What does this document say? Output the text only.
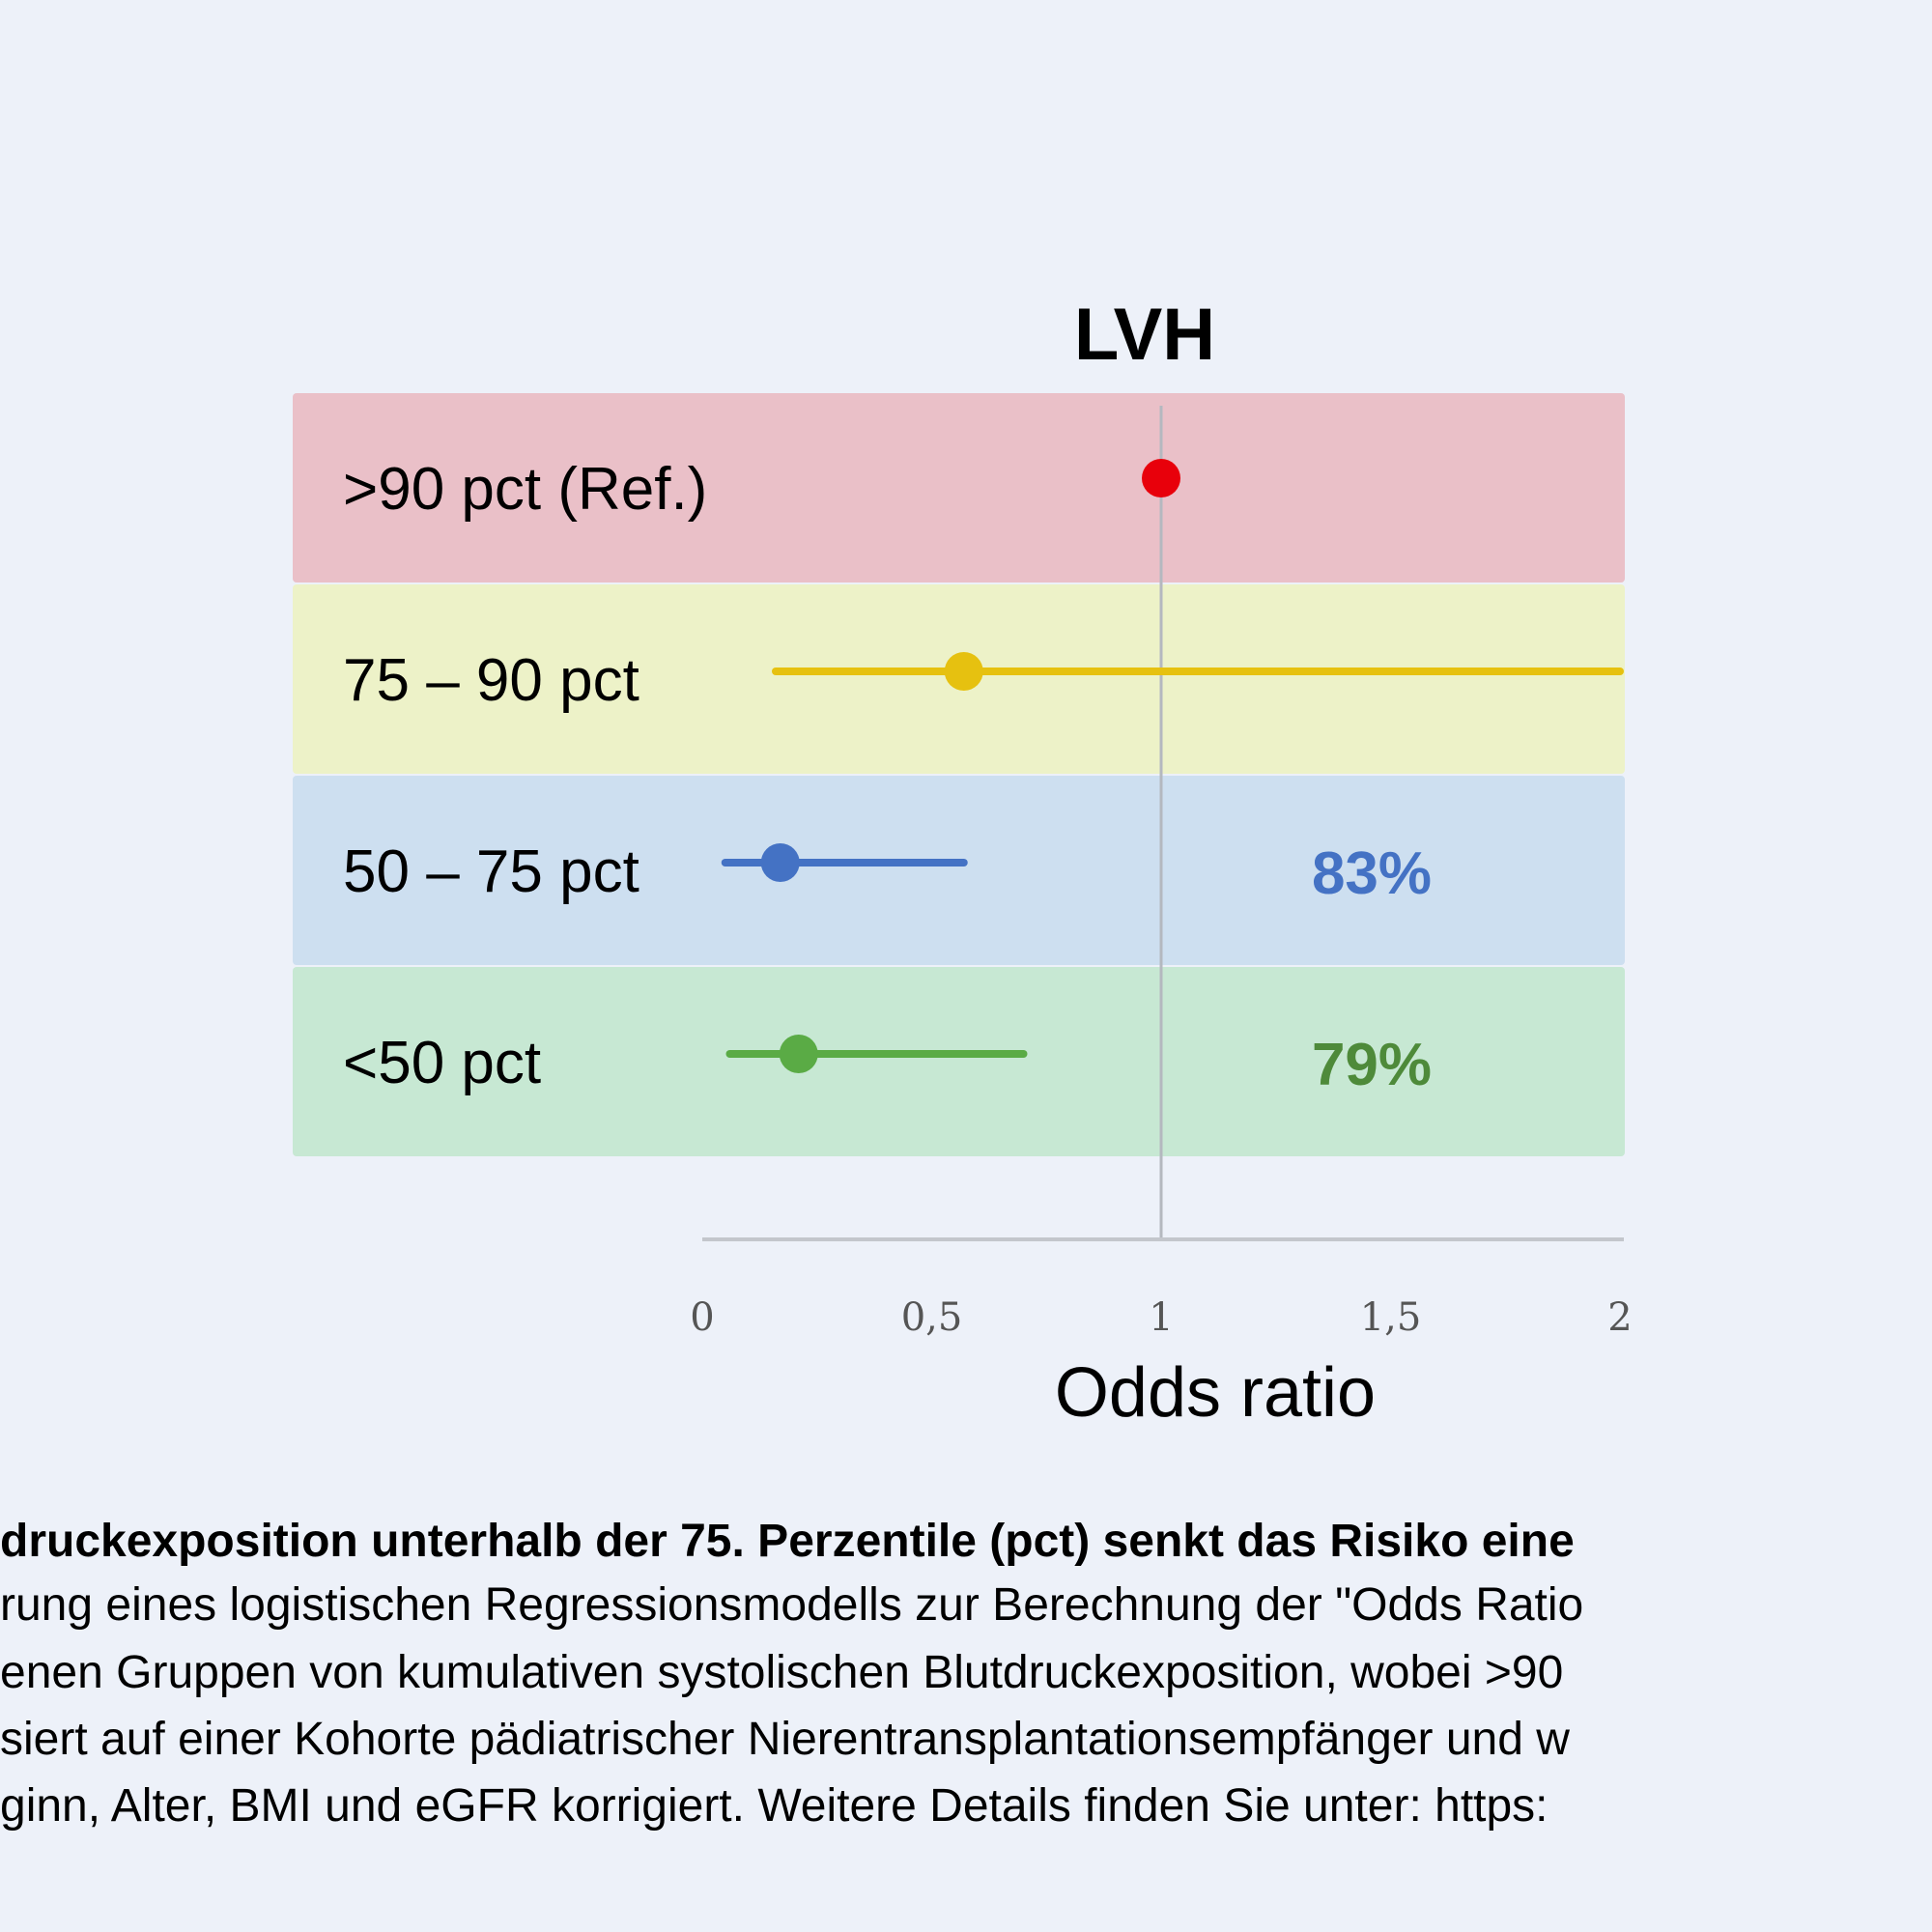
LVH
>90 pct (Ref.)
75 – 90 pct
50 – 75 pct
<50 pct
83%
79%
0	0,5	1	1,5	2
Odds ratio
druckexposition unterhalb der 75. Perzentile (pct) senkt das Risiko eine
rung eines logistischen Regressionsmodells zur Berechnung der "Odds Ratio
enen Gruppen von kumulativen systolischen Blutdruckexposition, wobei >90
siert auf einer Kohorte pädiatrischer Nierentransplantationsempfänger und w
ginn, Alter, BMI und eGFR korrigiert. Weitere Details finden Sie unter: https:
